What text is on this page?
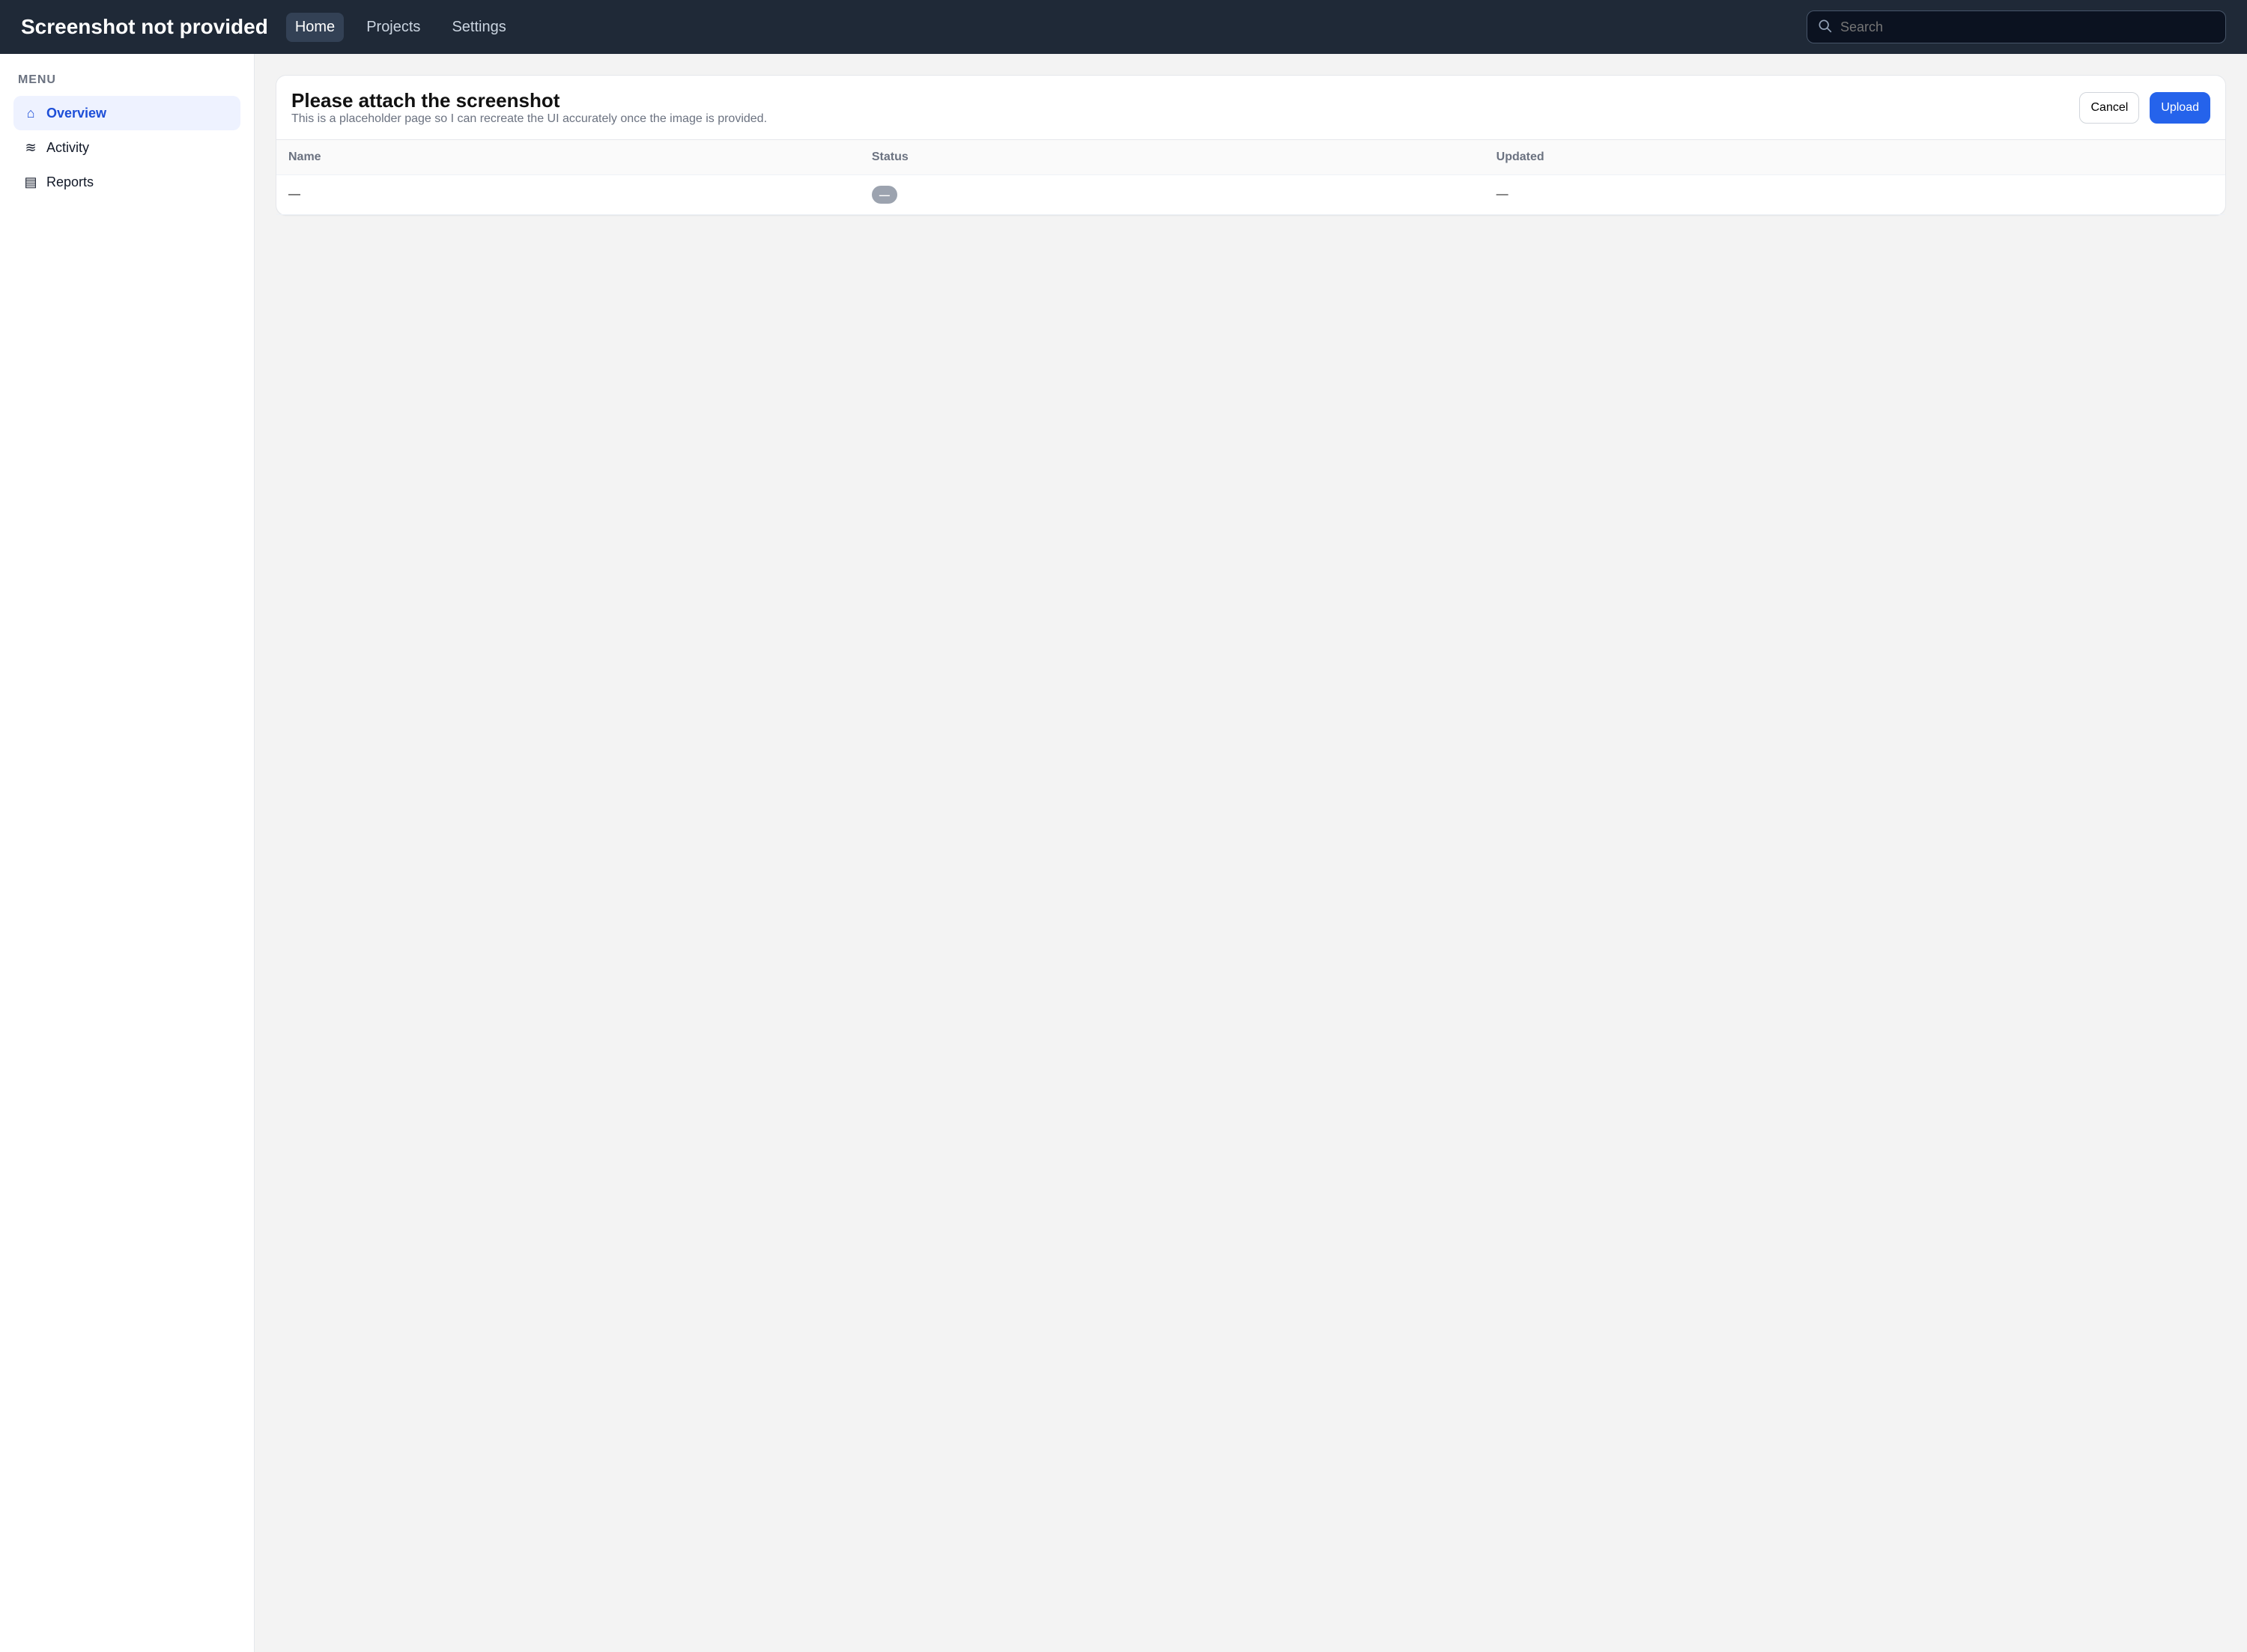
Screenshot not provided	Home	Projects	Settings
Search
MENU
⌂ Overview
≋ Activity
▤ Reports
Please attach the screenshot
This is a placeholder page so I can recreate the UI accurately once the image is provided.
Cancel	Upload
Name	Status	Updated
—	—	—
